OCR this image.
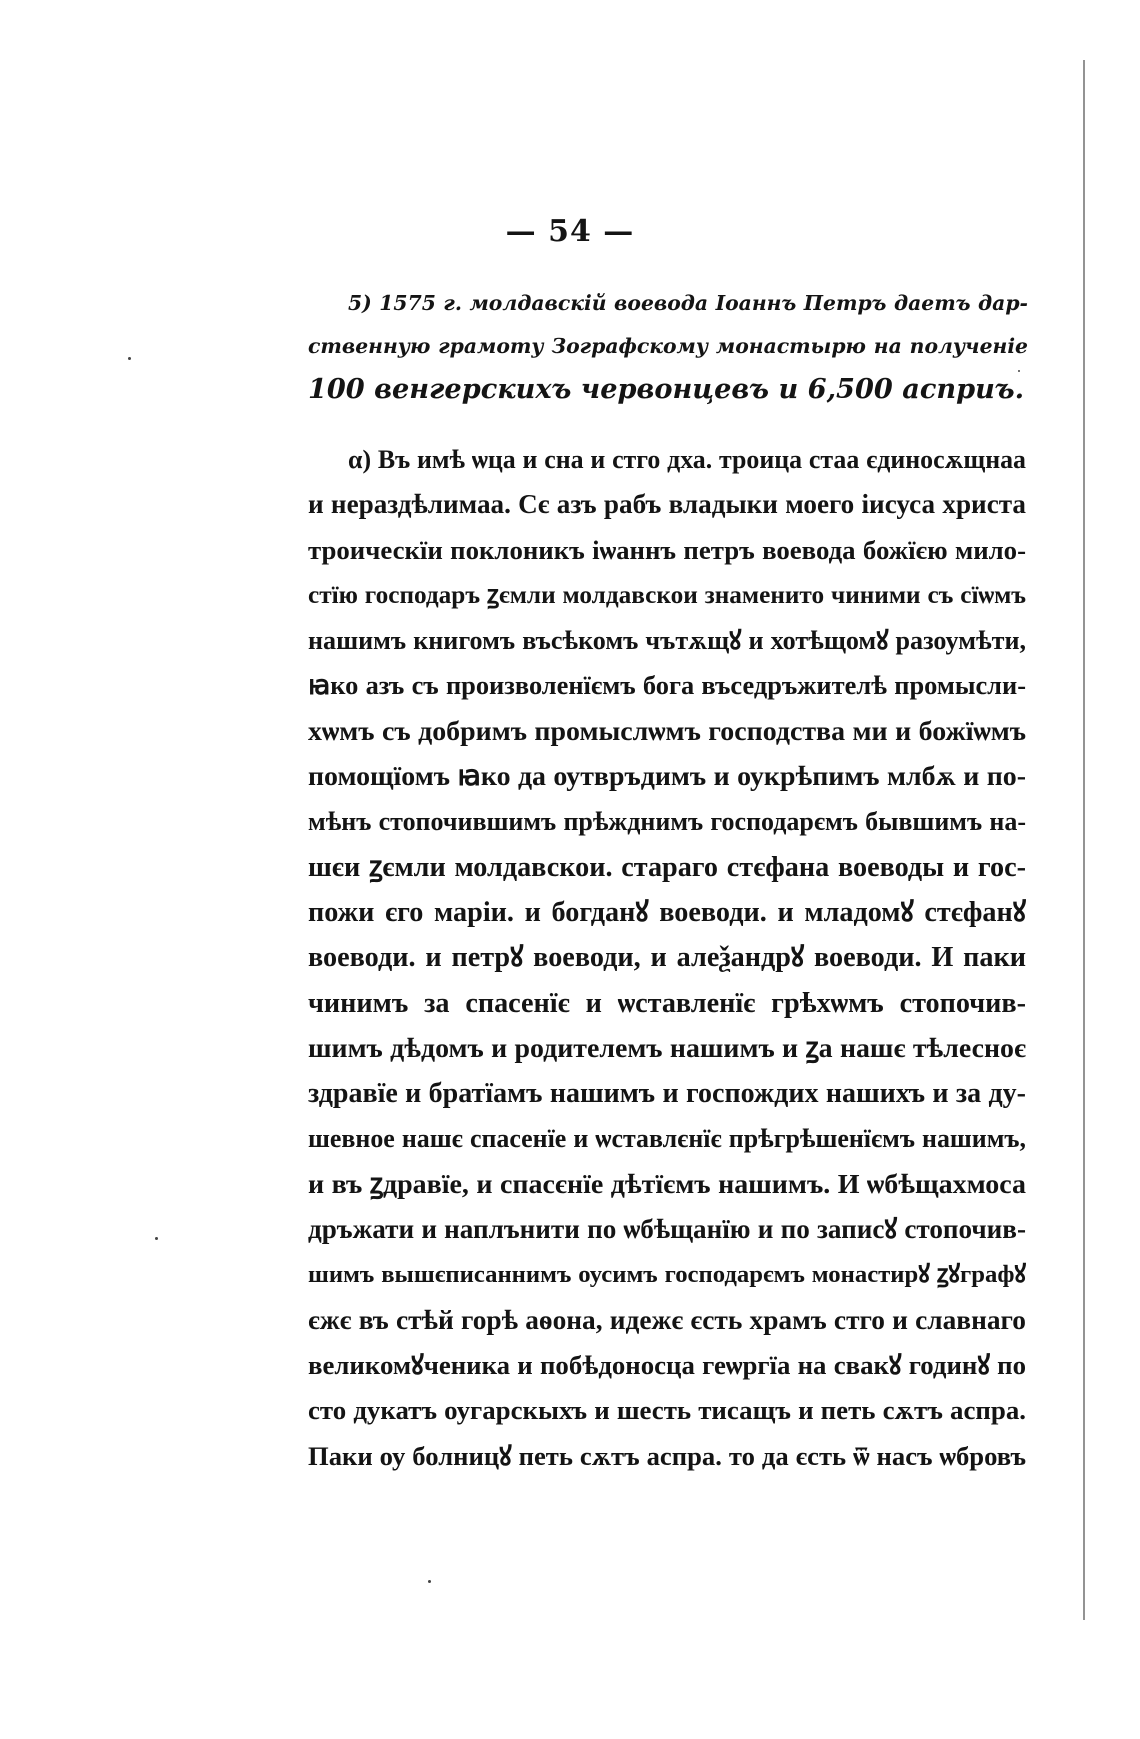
— 54 —
5) 1575 г. молдавскій воевода Іоаннъ Петръ даетъ дар-
ственную грамоту Зографскому монастырю на полученіе
100 венгерскихъ червонцевъ и 6,500 асприъ.
α) Въ имѣ ѡца и сна и стго дха. троица стаа єдиносѫщнаа
и нераздѣлимаа. Сє азъ рабъ владыки моего іисуса христа
троическїи поклоникъ іѡаннъ петръ воевода божїєю мило-
стїю господаръ ꙁємли молдавскои знаменито чиними съ сїѡмъ
нашимъ книгомъ въсѣкомъ чътѫщꙋ и хотѣщомꙋ разоумѣти,
ꙗко азъ съ произволенїємъ бога въседръжителѣ промысли-
хѡмъ съ добримъ промыслѡмъ господства ми и божїѡмъ
помощїомъ ꙗко да оутвръдимъ и оукрѣпимъ млбѫ и по-
мѣнъ стопочившимъ прѣжднимъ господарємъ бывшимъ на-
шєи ꙁємли молдавскои. стараго стєфана воеводы и гос-
пожи єго маріи. и богданꙋ воеводи. и младомꙋ стєфанꙋ
воеводи. и петрꙋ воеводи, и алеѯандрꙋ воеводи. И паки
чинимъ за спасенїє и ѡставленїє грѣхѡмъ стопочив-
шимъ дѣдомъ и родителемъ нашимъ и ꙁа нашє тѣлесноє
здравїе и братїамъ нашимъ и госпождих нашихъ и за ду-
шевное нашє спасенїе и ѡставлєнїє прѣгрѣшенїємъ нашимъ,
и въ ꙁдравїе, и спасєнїе дѣтїємъ нашимъ. И ѡбѣщахмоса
дръжати и наплънити по ѡбѣщанїю и по записꙋ стопочив-
шимъ вышєписаннимъ оусимъ господарємъ монастирꙋ ꙁꙋграфꙋ
єжє въ стѣй горѣ аѳона, идежє єсть храмъ стго и славнаго
великомꙋченика и побѣдоносца геѡргїа на свакꙋ годинꙋ по
сто дукатъ оугарскыхъ и шесть тисащъ и петь сѫтъ аспра.
Паки оу болницꙋ петь сѫтъ аспра. то да єсть ѿ насъ ѡбровъ
